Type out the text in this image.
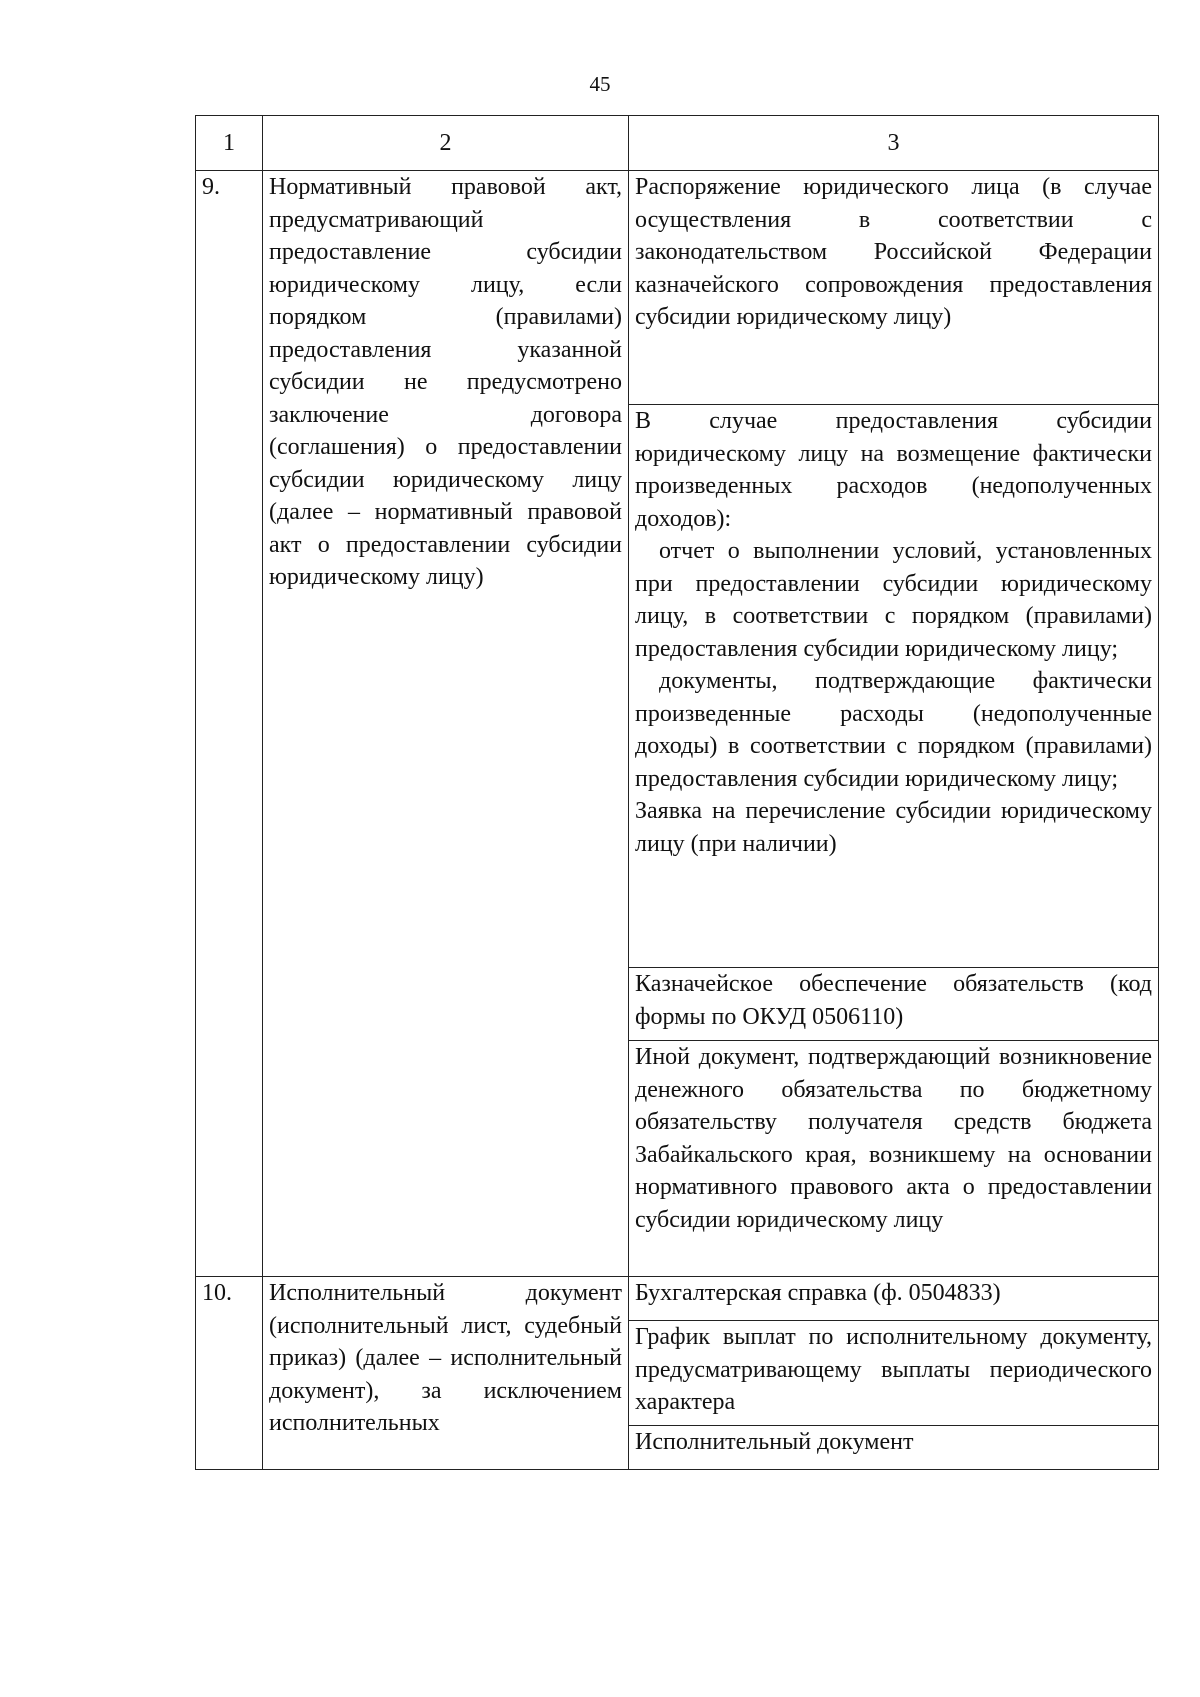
45
1	2	3
9.	Нормативный правовой акт, предусматривающий предоставление субсидии юридическому лицу, если порядком (правилами) предоставления указанной субсидии не предусмотрено заключение договора (соглашения) о предоставлении субсидии юридическому лицу (далее – нормативный правовой акт о предоставлении субсидии юридическому лицу)	Распоряжение юридического лица (в случае осуществления в соответствии с законодательством Российской Федерации казначейского сопровождения предоставления субсидии юридическому лицу)

		В случае предоставления субсидии юридическому лицу на возмещение фактически произведенных расходов (недополученных доходов):

отчет о выполнении условий, установленных при предоставлении субсидии юридическому лицу, в соответствии с порядком (правилами) предоставления субсидии юридическому лицу;

документы, подтверждающие фактически произведенные расходы (недополученные доходы) в соответствии с порядком (правилами) предоставления субсидии юридическому лицу;

Заявка на перечисление субсидии юридическому лицу (при наличии)

		Казначейское обеспечение обязательств (код формы по ОКУД 0506110)
		Иной документ, подтверждающий возникновение денежного обязательства по бюджетному обязательству получателя средств бюджета Забайкальского края, возникшему на основании нормативного правового акта о предоставлении субсидии юридическому лицу
10.	Исполнительный документ (исполнительный лист, судебный приказ) (далее – исполнительный документ), за исключением исполнительных	Бухгалтерская справка (ф. 0504833)
		График выплат по исполнительному документу, предусматривающему выплаты периодического характера
		Исполнительный документ
